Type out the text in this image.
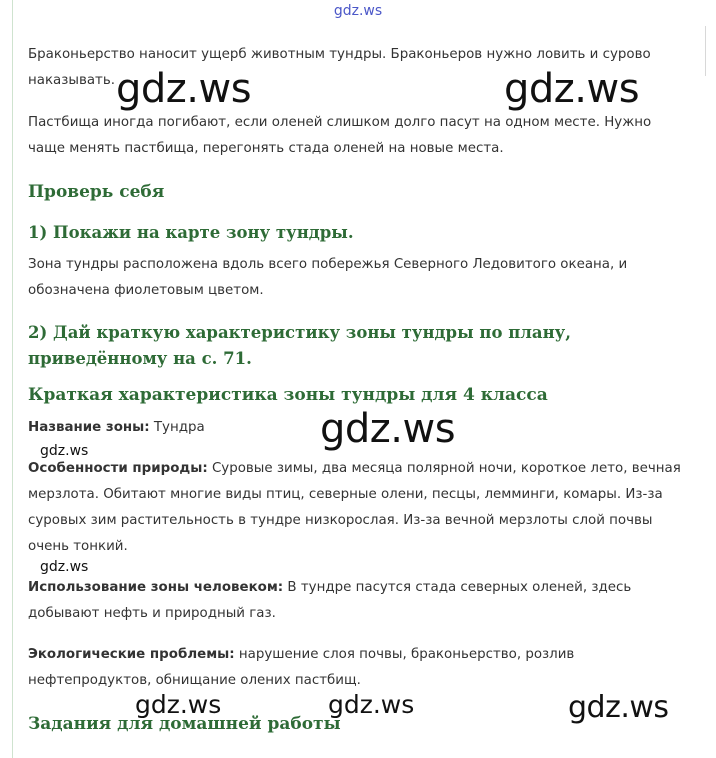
gdz.ws

Браконьерство наносит ущерб животным тундры. Браконьеров нужно ловить и сурово наказывать.

Пастбища иногда погибают, если оленей слишком долго пасут на одном месте. Нужно чаще менять пастбища, перегонять стада оленей на новые места.

Проверь себя
1) Покажи на карте зону тундры.

Зона тундры расположена вдоль всего побережья Северного Ледовитого океана, и обозначена фиолетовым цветом.

2) Дай краткую характеристику зоны тундры по плану, приведённому на с. 71.
Краткая характеристика зоны тундры для 4 класса

Название зоны: Тундра

Особенности природы: Суровые зимы, два месяца полярной ночи, короткое лето, вечная мерзлота. Обитают многие виды птиц, северные олени, песцы, лемминги, комары. Из-за суровых зим растительность в тундре низкорослая. Из-за вечной мерзлоты слой почвы очень тонкий.

Использование зоны человеком: В тундре пасутся стада северных оленей, здесь добывают нефть и природный газ.

Экологические проблемы: нарушение слоя почвы, браконьерство, розлив нефтепродуктов, обнищание олених пастбищ.

Задания для домашней работы
gdz.ws	gdz.ws
gdz.ws
gdz.ws
gdz.ws
gdz.ws	gdz.ws	gdz.ws
